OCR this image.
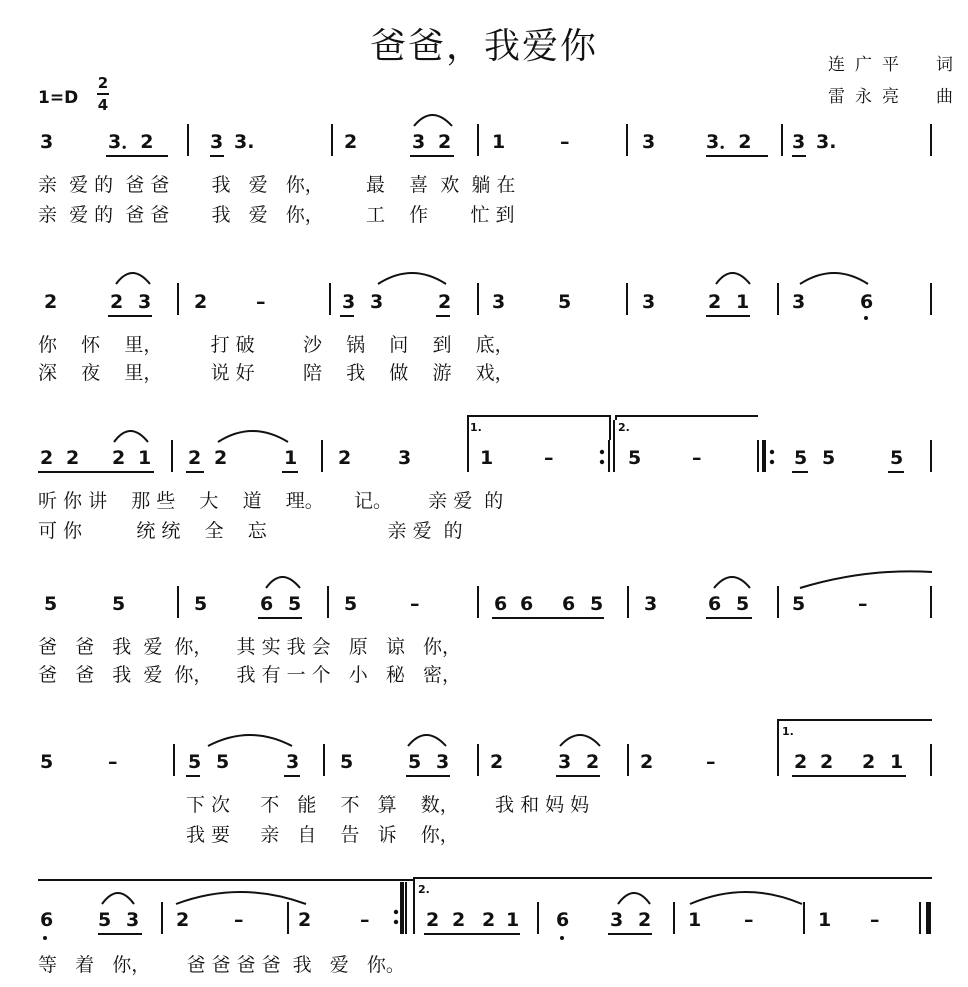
爸爸，我爱你	连广平　词
雷永亮　曲
1=D
2
4
1.	2.
1.
2.
3	3．2	3 3.	2	3 2 1	–	3	3．2 3 3.
亲  爱 的  爸 爸       我   爱   你，       最    喜  欢  躺 在
亲  爱 的  爸 爸       我   爱   你，       工    作       忙 到
2	2 3 2	–	3 3	2 3	5	3	2 1 3	6
你    怀    里，        打 破        沙    锅    问    到    底，
深    夜    里，        说 好        陪    我    做    游    戏，
2 2 2 1 2 2	1 2 3	1	–	5	–	5 5	5
听 你 讲    那 些    大    道    理。     记。      亲 爱  的
可 你         统 统    全    忘                    亲 爱  的
5	5	5	6 5 5	–	6 6 6 5 3	6 5 5	–
爸   爸   我  爱  你，    其 实 我 会   原   谅   你，
爸   爸   我  爱  你，    我 有 一 个   小   秘   密，
5	–	5 5	3 5	5 3 2	3 2 2	–	2 2 2 1
下 次     不   能    不   算    数，      我 和 妈 妈
我 要     亲   自    告   诉    你，
6 5 3 2 –	2	–	2 2 2 1 6 3 2 1 –	1 –
等   着   你，      爸 爸 爸 爸  我   爱   你。
